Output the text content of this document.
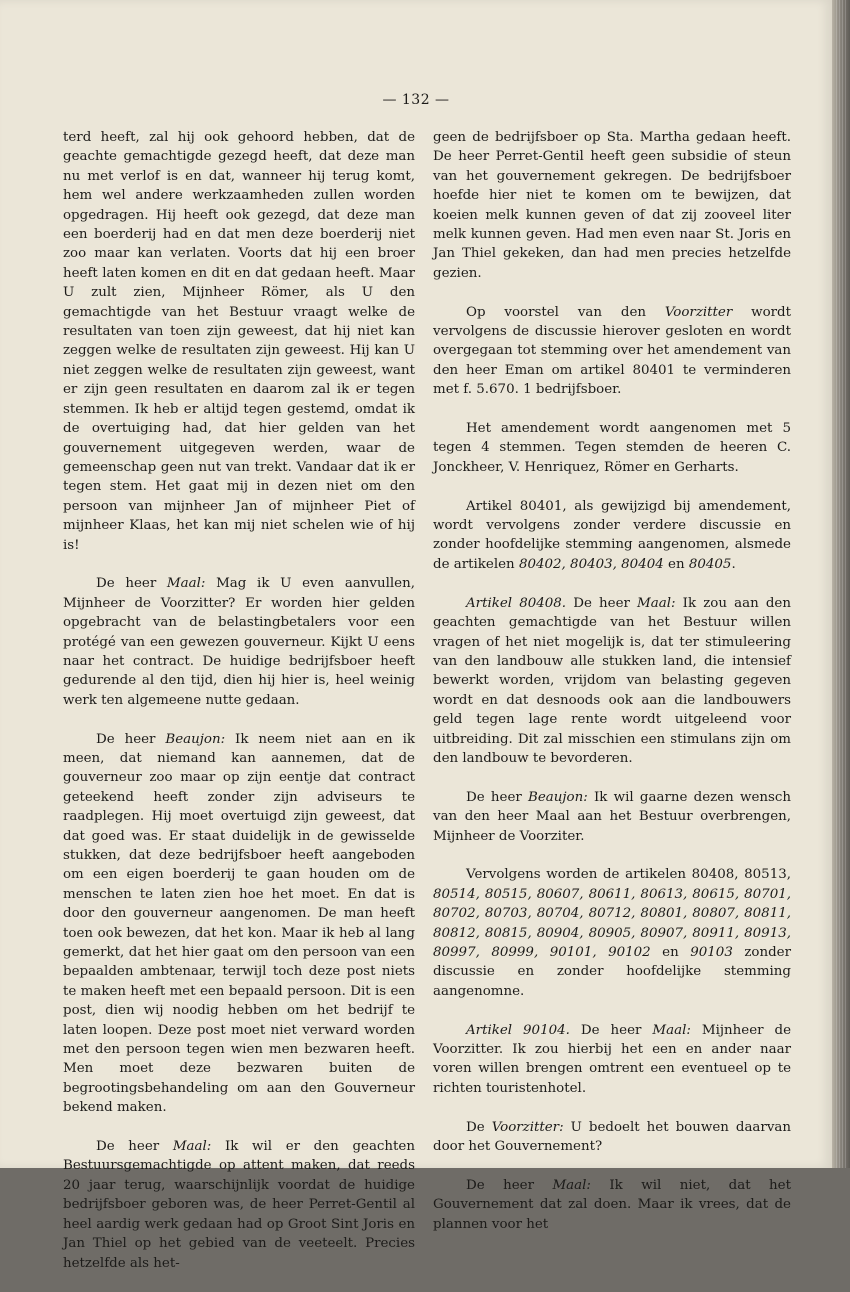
— 132 —

terd heeft, zal hij ook gehoord hebben, dat de geachte gemachtigde gezegd heeft, dat deze man nu met verlof is en dat, wanneer hij terug komt, hem wel andere werkzaamheden zullen worden opgedragen. Hij heeft ook gezegd, dat deze man een boerderij had en dat men deze boerderij niet zoo maar kan verlaten. Voorts dat hij een broer heeft laten komen en dit en dat gedaan heeft. Maar U zult zien, Mijnheer Römer, als U den gemachtigde van het Bestuur vraagt welke de resultaten van toen zijn geweest, dat hij niet kan zeggen welke de resultaten zijn geweest. Hij kan U niet zeggen welke de resultaten zijn geweest, want er zijn geen resultaten en daarom zal ik er tegen stemmen. Ik heb er altijd tegen gestemd, omdat ik de overtuiging had, dat hier gelden van het gouvernement uitgegeven werden, waar de gemeenschap geen nut van trekt. Vandaar dat ik er tegen stem. Het gaat mij in dezen niet om den persoon van mijnheer Jan of mijnheer Piet of mijnheer Klaas, het kan mij niet schelen wie of hij is!

De heer Maal: Mag ik U even aanvullen, Mijnheer de Voorzitter? Er worden hier gelden opgebracht van de belastingbetalers voor een protégé van een gewezen gouverneur. Kijkt U eens naar het contract. De huidige bedrijfsboer heeft gedurende al den tijd, dien hij hier is, heel weinig werk ten algemeene nutte gedaan.

De heer Beaujon: Ik neem niet aan en ik meen, dat niemand kan aannemen, dat de gouverneur zoo maar op zijn eentje dat contract geteekend heeft zonder zijn adviseurs te raadplegen. Hij moet overtuigd zijn geweest, dat dat goed was. Er staat duidelijk in de gewisselde stukken, dat deze bedrijfsboer heeft aangeboden om een eigen boerderij te gaan houden om de menschen te laten zien hoe het moet. En dat is door den gouverneur aangenomen. De man heeft toen ook bewezen, dat het kon. Maar ik heb al lang gemerkt, dat het hier gaat om den persoon van een bepaalden ambtenaar, terwijl toch deze post niets te maken heeft met een bepaald persoon. Dit is een post, dien wij noodig hebben om het bedrijf te laten loopen. Deze post moet niet verward worden met den persoon tegen wien men bezwaren heeft. Men moet deze bezwaren buiten de begrootingsbehandeling om aan den Gouverneur bekend maken.

De heer Maal: Ik wil er den geachten Bestuursgemachtigde op attent maken, dat reeds 20 jaar terug, waarschijnlijk voordat de huidige bedrijfsboer geboren was, de heer Perret-Gentil al heel aardig werk gedaan had op Groot Sint Joris en Jan Thiel op het gebied van de veeteelt. Precies hetzelfde als het-

geen de bedrijfsboer op Sta. Martha gedaan heeft. De heer Perret-Gentil heeft geen subsidie of steun van het gouvernement gekregen. De bedrijfsboer hoefde hier niet te komen om te bewijzen, dat koeien melk kunnen geven of dat zij zooveel liter melk kunnen geven. Had men even naar St. Joris en Jan Thiel gekeken, dan had men precies hetzelfde gezien.

Op voorstel van den Voorzitter wordt vervolgens de discussie hierover gesloten en wordt overgegaan tot stemming over het amendement van den heer Eman om artikel 80401 te verminderen met f. 5.670. 1 bedrijfsboer.

Het amendement wordt aangenomen met 5 tegen 4 stemmen. Tegen stemden de heeren C. Jonckheer, V. Henriquez, Römer en Gerharts.

Artikel 80401, als gewijzigd bij amendement, wordt vervolgens zonder verdere discussie en zonder hoofdelijke stemming aangenomen, alsmede de artikelen 80402, 80403, 80404 en 80405.

Artikel 80408. De heer Maal: Ik zou aan den geachten gemachtigde van het Bestuur willen vragen of het niet mogelijk is, dat ter stimuleering van den landbouw alle stukken land, die intensief bewerkt worden, vrijdom van belasting gegeven wordt en dat desnoods ook aan die landbouwers geld tegen lage rente wordt uitgeleend voor uitbreiding. Dit zal misschien een stimulans zijn om den landbouw te bevorderen.

De heer Beaujon: Ik wil gaarne dezen wensch van den heer Maal aan het Bestuur overbrengen, Mijnheer de Voorziter.

Vervolgens worden de artikelen 80408, 80513, 80514, 80515, 80607, 80611, 80613, 80615, 80701, 80702, 80703, 80704, 80712, 80801, 80807, 80811, 80812, 80815, 80904, 80905, 80907, 80911, 80913, 80997, 80999, 90101, 90102 en 90103 zonder discussie en zonder hoofdelijke stemming aangenomne.

Artikel 90104. De heer Maal: Mijnheer de Voorzitter. Ik zou hierbij het een en ander naar voren willen brengen omtrent een eventueel op te richten touristenhotel.

De Voorzitter: U bedoelt het bouwen daarvan door het Gouvernement?

De heer Maal: Ik wil niet, dat het Gouvernement dat zal doen. Maar ik vrees, dat de plannen voor het
